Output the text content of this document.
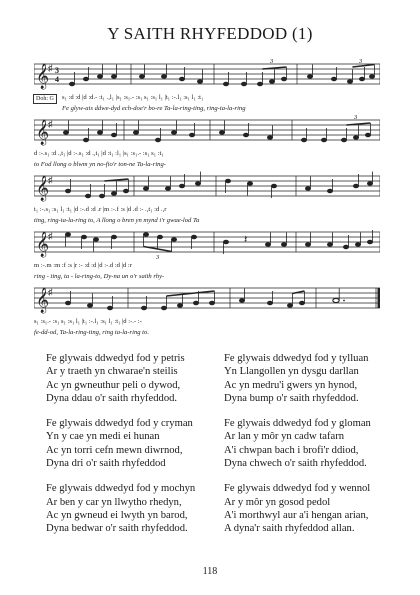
Y SAITH RHYFEDDOD (1)
𝄞
♯ 3
4
3	3
Doh: G	s₁ :d :d |d :d.- :t₁ .,l₁ |s₁ :s₁.- :s₁ s₁ :s₁ l₁ |t₁ :-.l₁ :s₁ l₁ :t₁
Fe glyw-ais ddwe-dyd ech-doe'r bo-re Ta-la-ring-ting, ring-ta-la-ring
𝄞
♯
3
d :-.s₁ :d .,t₁ |d :-.s₁ :d .,t₁ |d :t₁ :l₁ |s₁ :s₁.- :s₁ s₁ :t₁
to Fod llong o blwm yn no-fio'r ton-ne Ta-la-ring-
𝄞
♯
t₁ :-.s₁ :s₁ l₁ :t₁ |d :-.d :d .r |m :-.f :s |d .d :- .,t₁ :d .,r
ting, ring-ta-la-ring to, A llong o bren yn mynd i'r gwae-lod Ta
𝄞
♯	𝄽
3
m :-.m :m :f :s |r :- :d :d |d :-.d :d |d :r
ring - ting, ta - la-ring-to, Dy-na un o'r saith rhy-
𝄞
♯
s₁ :s₁.- :s₁ s₁ :s₁ l₁ |t₁ :-.l₁ :s₁ l₁ :t₁ |d :-.- :-
fe-dd-od, Ta-la-ring-ting, ring ta-la-ring to.
Fe glywais ddwedyd fod y petris
Ar y traeth yn chwarae'n steilis
Ac yn gwneuthur peli o dywod,
Dyna ddau o'r saith rhyfeddod.
Fe glywais ddwedyd fod y cryman
Yn y cae yn medi ei hunan
Ac yn torri cefn mewn diwrnod,
Dyna dri o'r saith rhyfeddod
Fe glywais ddwedyd fod y mochyn
Ar ben y car yn llwytho rhedyn,
Ac yn gwneud ei lwyth yn barod,
Dyna bedwar o'r saith rhyfeddod.
Fe glywais ddwedyd fod y tylluan
Yn Llangollen yn dysgu darllan
Ac yn medru'i gwers yn hynod,
Dyna bump o'r saith rhyfeddod.
Fe glywais ddwedyd fod y gloman
Ar lan y môr yn cadw tafarn
A'i chwpan bach i brofi'r ddiod,
Dyna chwech o'r saith rhyfeddod.
Fe glywais ddwedyd fod y wennol
Ar y môr yn gosod pedol
A'i morthwyl aur a'i hengan arian,
A dyna'r saith rhyfeddod allan.
118
